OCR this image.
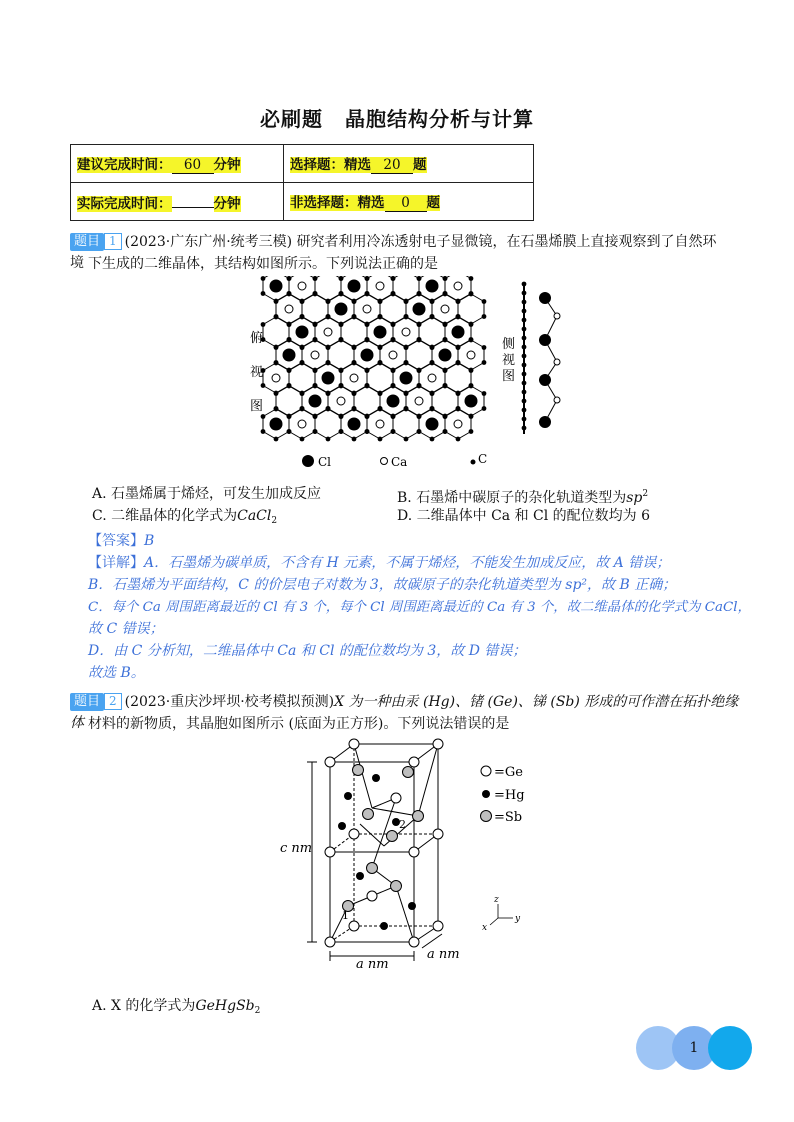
必刷题 晶胞结构分析与计算
建议完成时间： 60 分钟	选择题：精选 20 题
实际完成时间： 分钟	非选择题：精选 0 题
题目 1 (2023·广东广州·统考三模) 研究者利用冷冻透射电子显微镜，在石墨烯膜上直接观察到了自然环境 下生成的二维晶体，其结构如图所示。下列说法正确的是
俯
视
图
侧
视
图
Cl	Ca	C
A. 石墨烯属于烯烃，可发生加成反应	B. 石墨烯中碳原子的杂化轨道类型为$sp^2$
C. 二维晶体的化学式为CaCl$_2$	D. 二维晶体中 Ca 和 Cl 的配位数均为 6
【答案】B
【详解】A．石墨烯为碳单质，不含有 H 元素，不属于烯烃，不能发生加成反应，故 A 错误；
B．石墨烯为平面结构，C 的价层电子对数为 3，故碳原子的杂化轨道类型为 sp²，故 B 正确；
C．每个 Ca 周围距离最近的 Cl 有 3 个，每个 Cl 周围距离最近的 Ca 有 3 个，故二维晶体的化学式为 CaCl，
故 C 错误；
D．由 C 分析知，二维晶体中 Ca 和 Cl 的配位数均为 3，故 D 错误；
故选 B。
题目 2 (2023·重庆沙坪坝·校考模拟预测)X 为一种由汞 (Hg)、锗 (Ge)、锑 (Sb) 形成的可作潜在拓扑绝缘体 材料的新物质，其晶胞如图所示 (底面为正方形)。下列说法错误的是
c nm
a nm
a nm
1
2
=Ge
=Hg
=Sb
z
y
x
A. X 的化学式为GeHgSb$_2$
1
